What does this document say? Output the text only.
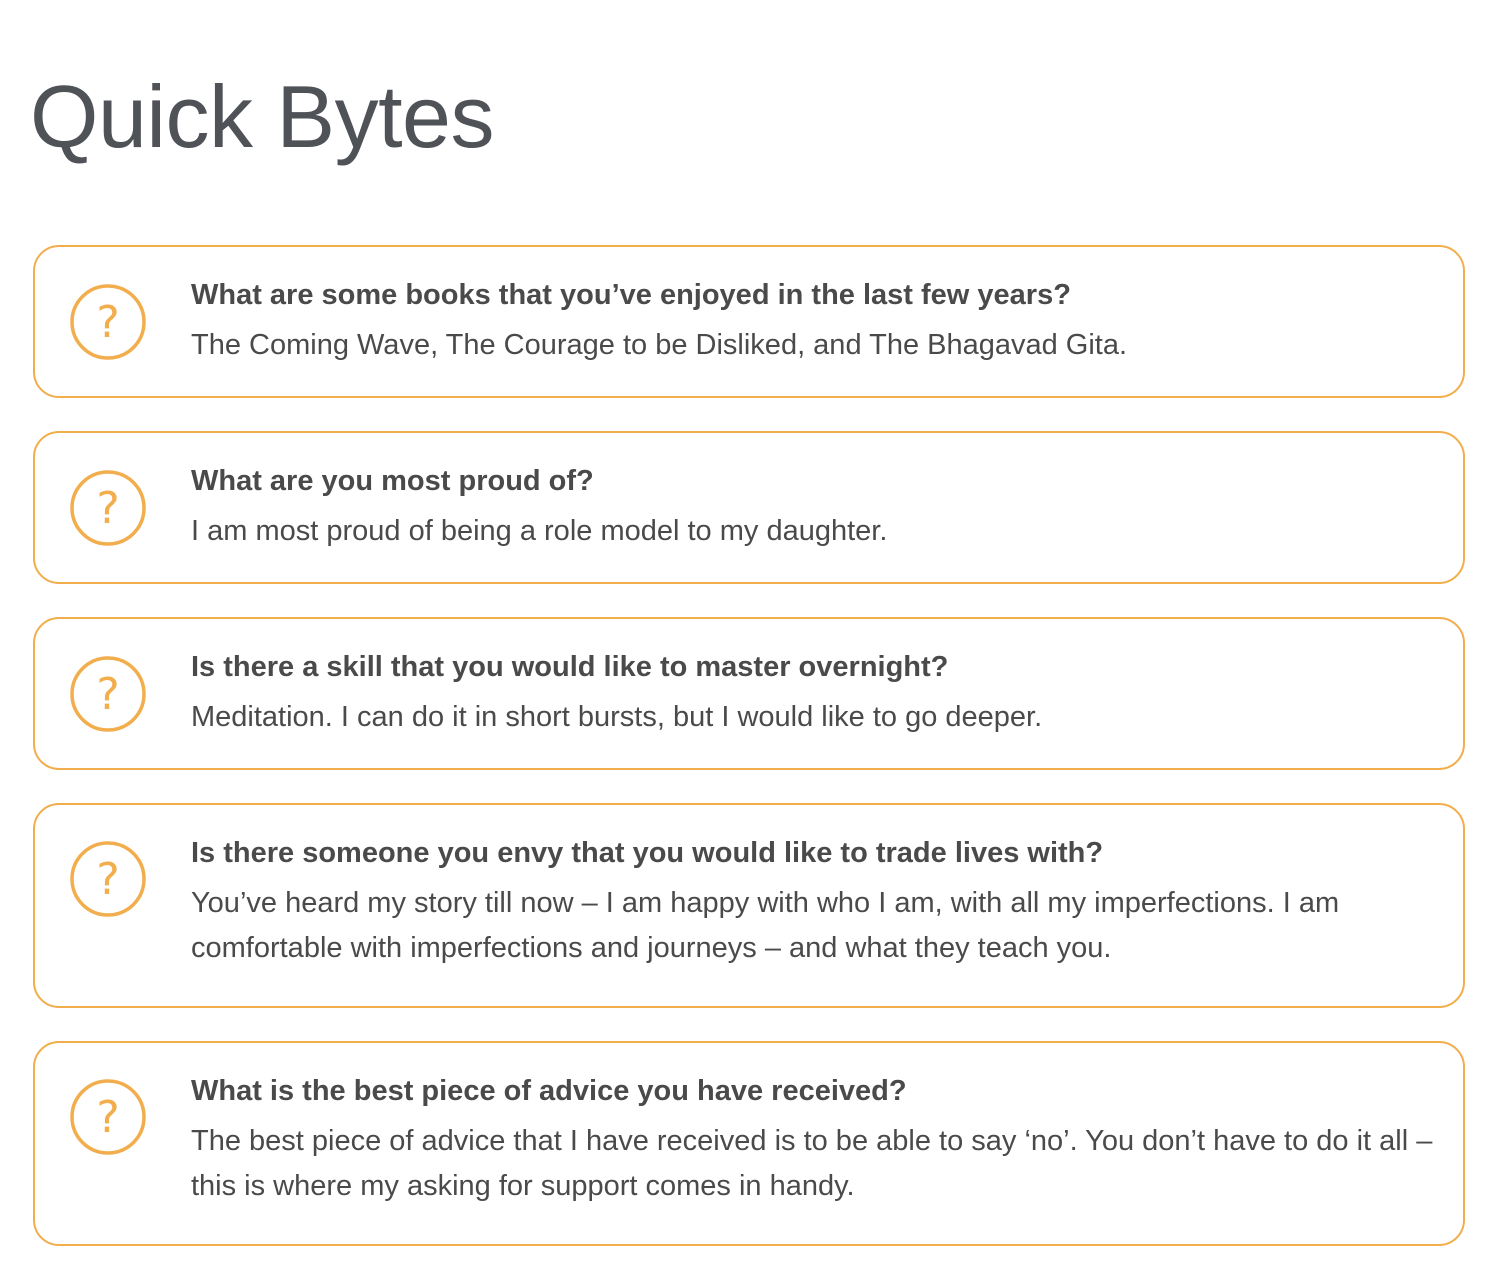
Quick Bytes
?

What are some books that you’ve enjoyed in the last few years?

The Coming Wave, The Courage to be Disliked, and The Bhagavad Gita.

?

What are you most proud of?

I am most proud of being a role model to my daughter.

?

Is there a skill that you would like to master overnight?

Meditation. I can do it in short bursts, but I would like to go deeper.

?

Is there someone you envy that you would like to trade lives with?

You’ve heard my story till now – I am happy with who I am, with all my imperfections. I am comfortable with imperfections and journeys – and what they teach you.

?

What is the best piece of advice you have received?

The best piece of advice that I have received is to be able to say ‘no’. You don’t have to do it all – this is where my asking for support comes in handy.
